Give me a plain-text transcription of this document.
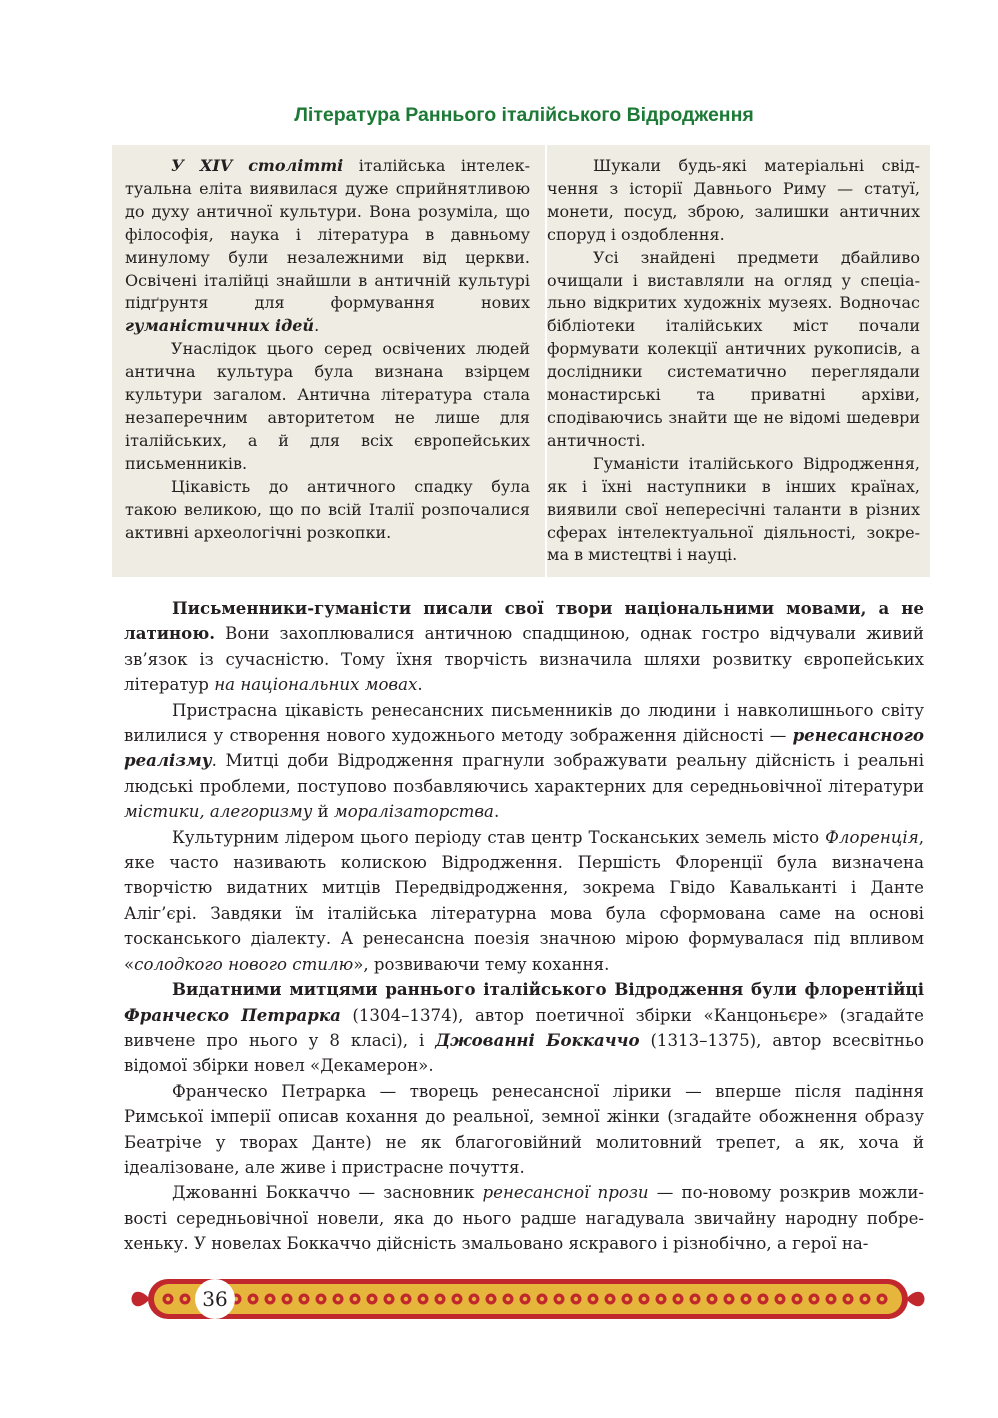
Література Раннього італійського Відродження

У XIV столітті італійська інтелектуальна еліта виявилася дуже сприйнятливою до духу античної культури. Вона розуміла, що філософія, наука і література в давньому минулому були незалежними від церкви. Освічені італійці знайшли в античній культурі підґрунтя для формування нових гуманістичних ідей.

Унаслідок цього серед освічених людей антична культура була визнана взірцем культури загалом. Антична література стала незаперечним авторитетом не лише для італійських, а й для всіх європейських письменників.

Цікавість до античного спадку була такою великою, що по всій Італії розпочалися активні археологічні розкопки.

Шукали будь-які матеріальні свідчення з історії Давнього Риму — статуї, монети, посуд, зброю, залишки античних споруд і оздоблення.

Усі знайдені предмети дбайливо очищали і виставляли на огляд у спеціально відкритих художніх музеях. Водночас бібліотеки італійських міст почали формувати колекції античних рукописів, а дослідники систематично переглядали монастирські та приватні архіви, сподіваючись знайти ще не відомі шедеври античності.

Гуманісти італійського Відродження, як і їхні наступники в інших країнах, виявили свої непересічні таланти в різних сферах інтелектуальної діяльності, зокрема в мистецтві і науці.

Письменники-гуманісти писали свої твори національними мовами, а не латиною. Вони захоплювалися античною спадщиною, однак гостро відчували живий зв’язок із сучасністю. Тому їхня творчість визначила шляхи розвитку європейських літератур на національних мовах.

Пристрасна цікавість ренесансних письменників до людини і навколишнього світу вилилися у створення нового художнього методу зображення дійсності — ренесансного реалізму. Митці доби Відродження прагнули зображувати реальну дійсність і реальні людські проблеми, поступово позбавляючись характерних для середньовічної літератури містики, алегоризму й моралізаторства.

Культурним лідером цього періоду став центр Тосканських земель місто Флоренція, яке часто називають колискою Відродження. Першість Флоренції була визначена творчістю видатних митців Передвідродження, зокрема Гвідо Кавальканті і Данте Аліг’єрі. Завдяки їм італійська літературна мова була сформована саме на основі тосканського діалекту. А ренесансна поезія значною мірою формувалася під впливом «солодкого нового стилю», розвиваючи тему кохання.

Видатними митцями раннього італійського Відродження були флорентійці Франческо Петрарка (1304–1374), автор поетичної збірки «Канцоньєре» (згадайте вивчене про нього у 8 класі), і Джованні Боккаччо (1313–1375), автор всесвітньо відомої збірки новел «Декамерон».

Франческо Петрарка — творець ренесансної лірики — вперше після падіння Римської імперії описав кохання до реальної, земної жінки (згадайте обожнення образу Беатріче у творах Данте) не як благоговійний молитовний трепет, а як, хоча й ідеалізоване, але живе і пристрасне почуття.

Джованні Боккаччо — засновник ренесансної прози — по-новому розкрив можливості середньовічної новели, яка до нього радше нагадувала звичайну народну побрехеньку. У новелах Боккаччо дійсність змальовано яскравого і різнобічно, а герої на-

36
